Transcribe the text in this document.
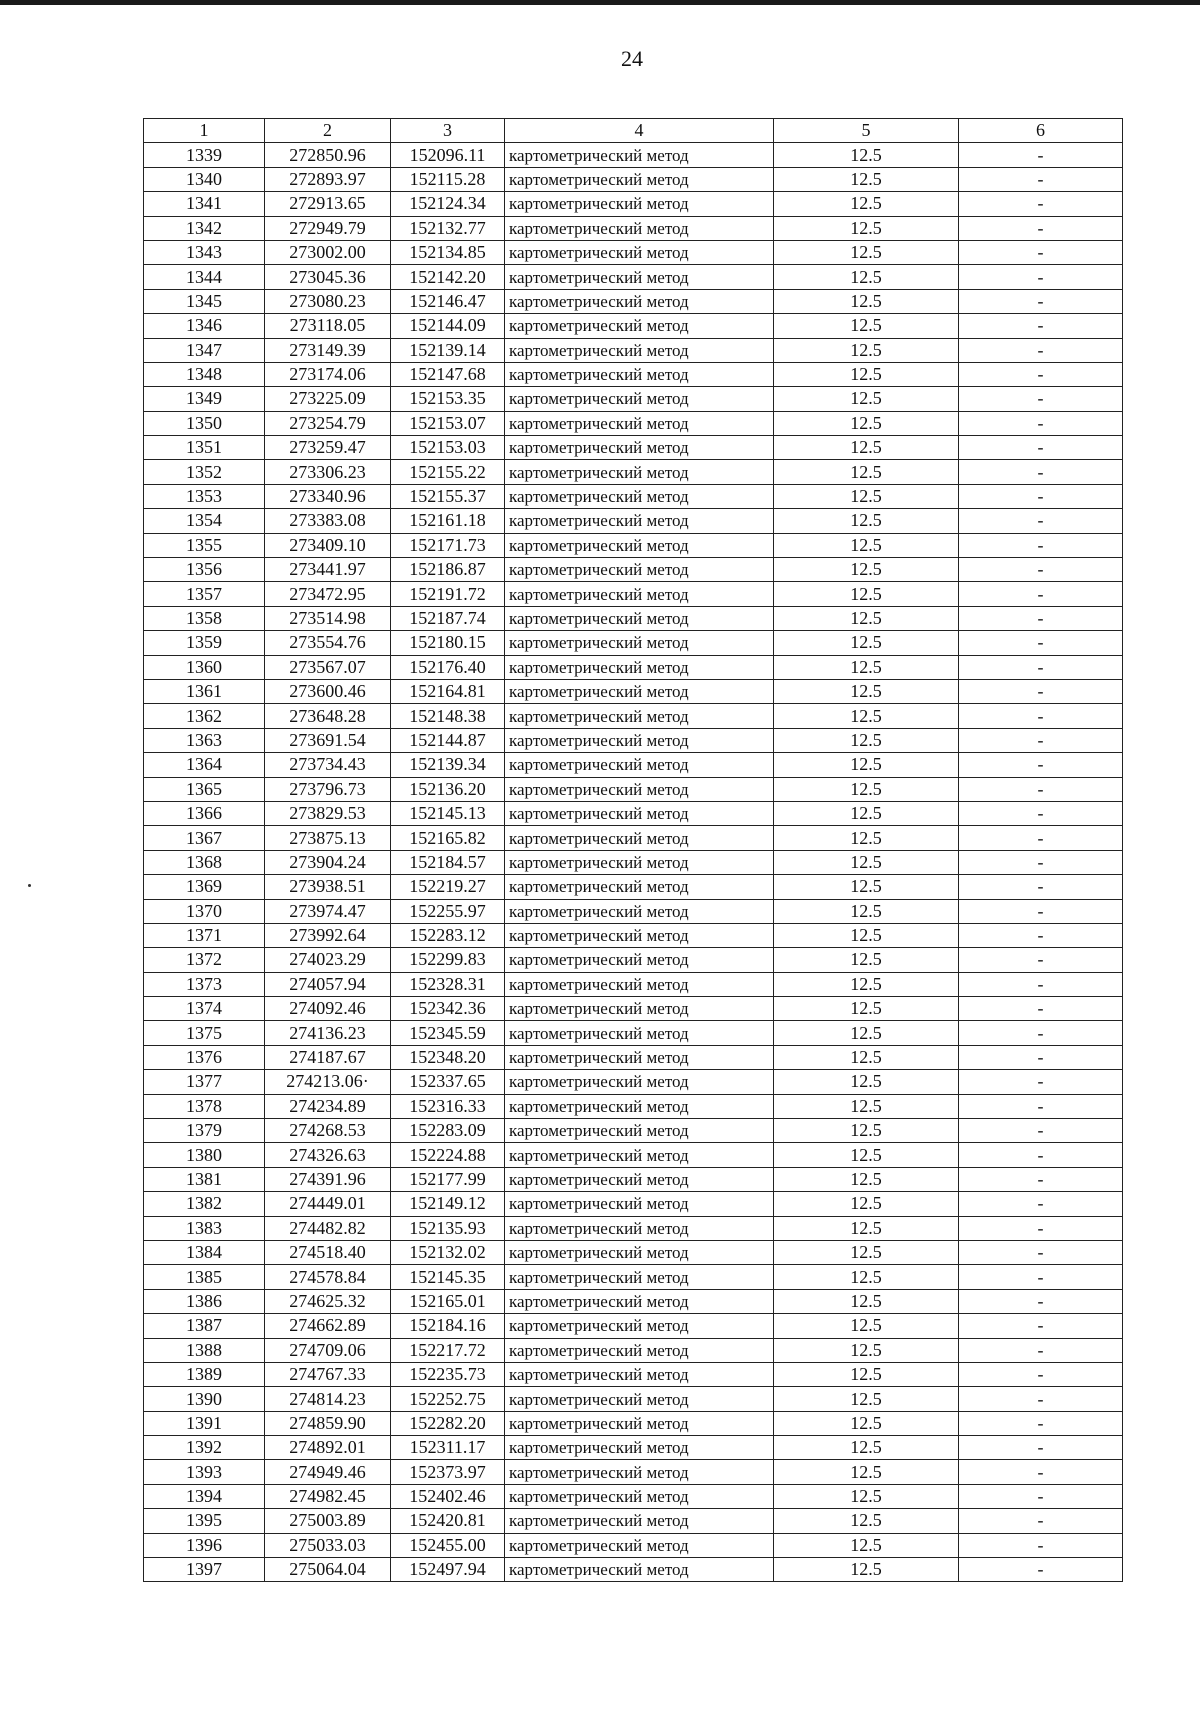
24
1	2	3	4	5	6
1339	272850.96	152096.11	картометрический метод	12.5	-
1340	272893.97	152115.28	картометрический метод	12.5	-
1341	272913.65	152124.34	картометрический метод	12.5	-
1342	272949.79	152132.77	картометрический метод	12.5	-
1343	273002.00	152134.85	картометрический метод	12.5	-
1344	273045.36	152142.20	картометрический метод	12.5	-
1345	273080.23	152146.47	картометрический метод	12.5	-
1346	273118.05	152144.09	картометрический метод	12.5	-
1347	273149.39	152139.14	картометрический метод	12.5	-
1348	273174.06	152147.68	картометрический метод	12.5	-
1349	273225.09	152153.35	картометрический метод	12.5	-
1350	273254.79	152153.07	картометрический метод	12.5	-
1351	273259.47	152153.03	картометрический метод	12.5	-
1352	273306.23	152155.22	картометрический метод	12.5	-
1353	273340.96	152155.37	картометрический метод	12.5	-
1354	273383.08	152161.18	картометрический метод	12.5	-
1355	273409.10	152171.73	картометрический метод	12.5	-
1356	273441.97	152186.87	картометрический метод	12.5	-
1357	273472.95	152191.72	картометрический метод	12.5	-
1358	273514.98	152187.74	картометрический метод	12.5	-
1359	273554.76	152180.15	картометрический метод	12.5	-
1360	273567.07	152176.40	картометрический метод	12.5	-
1361	273600.46	152164.81	картометрический метод	12.5	-
1362	273648.28	152148.38	картометрический метод	12.5	-
1363	273691.54	152144.87	картометрический метод	12.5	-
1364	273734.43	152139.34	картометрический метод	12.5	-
1365	273796.73	152136.20	картометрический метод	12.5	-
1366	273829.53	152145.13	картометрический метод	12.5	-
1367	273875.13	152165.82	картометрический метод	12.5	-
1368	273904.24	152184.57	картометрический метод	12.5	-
1369	273938.51	152219.27	картометрический метод	12.5	-
1370	273974.47	152255.97	картометрический метод	12.5	-
1371	273992.64	152283.12	картометрический метод	12.5	-
1372	274023.29	152299.83	картометрический метод	12.5	-
1373	274057.94	152328.31	картометрический метод	12.5	-
1374	274092.46	152342.36	картометрический метод	12.5	-
1375	274136.23	152345.59	картометрический метод	12.5	-
1376	274187.67	152348.20	картометрический метод	12.5	-
1377	274213.06·	152337.65	картометрический метод	12.5	-
1378	274234.89	152316.33	картометрический метод	12.5	-
1379	274268.53	152283.09	картометрический метод	12.5	-
1380	274326.63	152224.88	картометрический метод	12.5	-
1381	274391.96	152177.99	картометрический метод	12.5	-
1382	274449.01	152149.12	картометрический метод	12.5	-
1383	274482.82	152135.93	картометрический метод	12.5	-
1384	274518.40	152132.02	картометрический метод	12.5	-
1385	274578.84	152145.35	картометрический метод	12.5	-
1386	274625.32	152165.01	картометрический метод	12.5	-
1387	274662.89	152184.16	картометрический метод	12.5	-
1388	274709.06	152217.72	картометрический метод	12.5	-
1389	274767.33	152235.73	картометрический метод	12.5	-
1390	274814.23	152252.75	картометрический метод	12.5	-
1391	274859.90	152282.20	картометрический метод	12.5	-
1392	274892.01	152311.17	картометрический метод	12.5	-
1393	274949.46	152373.97	картометрический метод	12.5	-
1394	274982.45	152402.46	картометрический метод	12.5	-
1395	275003.89	152420.81	картометрический метод	12.5	-
1396	275033.03	152455.00	картометрический метод	12.5	-
1397	275064.04	152497.94	картометрический метод	12.5	-
